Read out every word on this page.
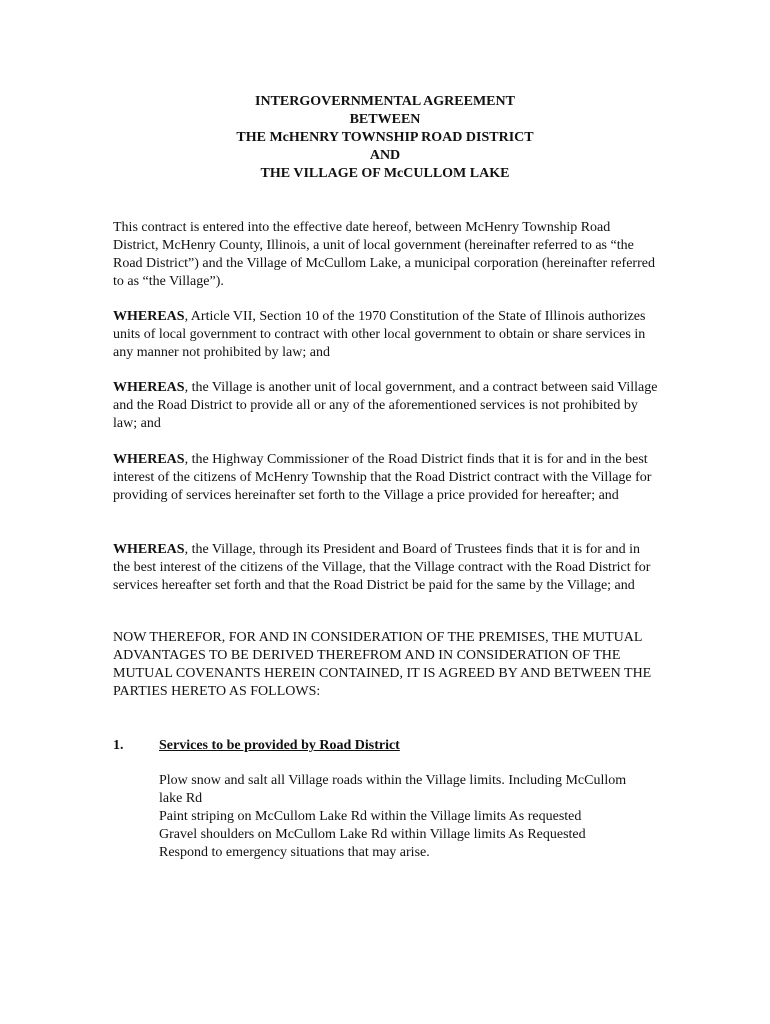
INTERGOVERNMENTAL AGREEMENT
BETWEEN
THE McHENRY TOWNSHIP ROAD DISTRICT
AND
THE VILLAGE OF McCULLOM LAKE

This contract is entered into the effective date hereof, between McHenry Township Road District, McHenry County, Illinois, a unit of local government (hereinafter referred to as “the Road District”) and the Village of McCullom Lake, a municipal corporation (hereinafter referred to as “the Village”).

WHEREAS, Article VII, Section 10 of the 1970 Constitution of the State of Illinois authorizes units of local government to contract with other local government to obtain or share services in any manner not prohibited by law; and

WHEREAS, the Village is another unit of local government, and a contract between said Village and the Road District to provide all or any of the aforementioned services is not prohibited by law; and

WHEREAS, the Highway Commissioner of the Road District finds that it is for and in the best interest of the citizens of McHenry Township that the Road District contract with the Village for providing of services hereinafter set forth to the Village a price provided for hereafter; and

WHEREAS, the Village, through its President and Board of Trustees finds that it is for and in the best interest of the citizens of the Village, that the Village contract with the Road District for services hereafter set forth and that the Road District be paid for the same by the Village; and

NOW THEREFOR, FOR AND IN CONSIDERATION OF THE PREMISES, THE MUTUAL ADVANTAGES TO BE DERIVED THEREFROM AND IN CONSIDERATION OF THE MUTUAL COVENANTS HEREIN CONTAINED, IT IS AGREED BY AND BETWEEN THE PARTIES HERETO AS FOLLOWS:

1.	Services to be provided by Road District
Plow snow and salt all Village roads within the Village limits. Including McCullom lake Rd
Paint striping on McCullom Lake Rd within the Village limits As requested
Gravel shoulders on McCullom Lake Rd within Village limits As Requested
Respond to emergency situations that may arise.
